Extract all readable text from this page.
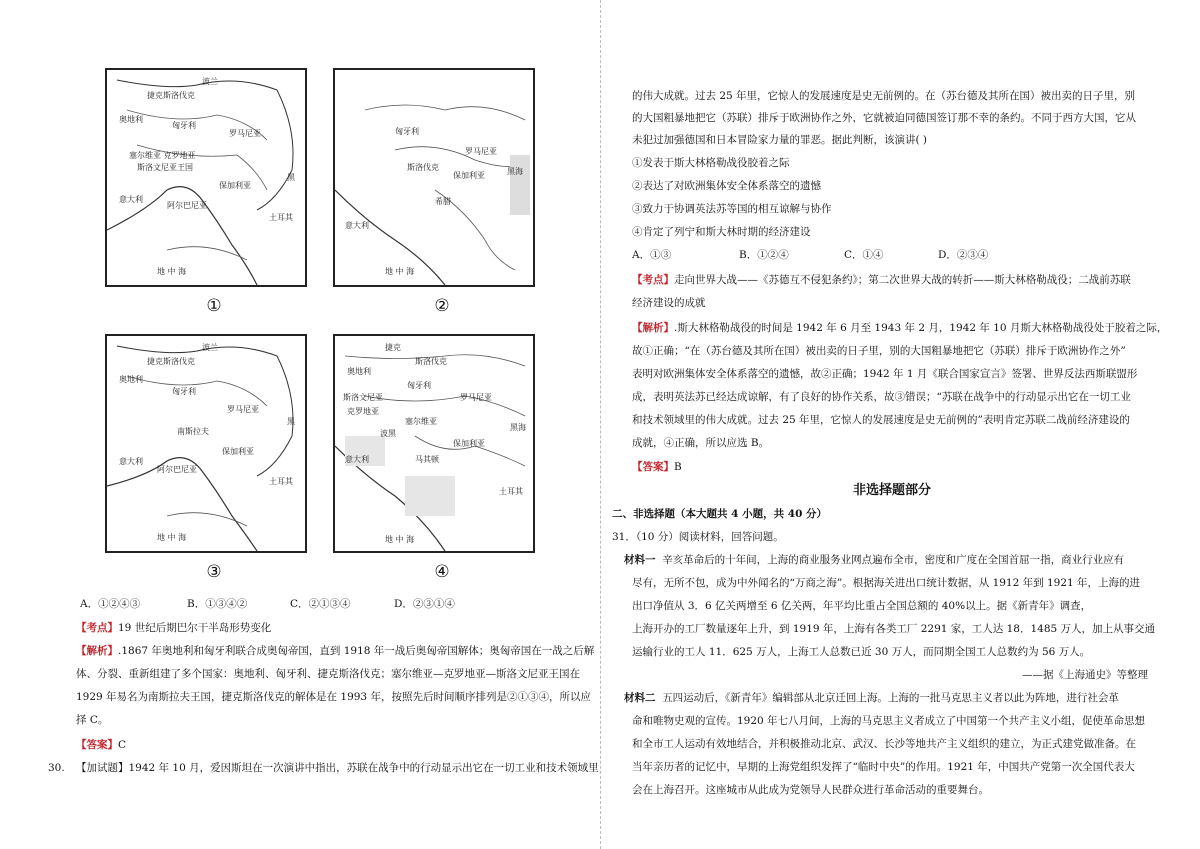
波兰
捷克斯洛伐克
奥地利
匈牙利
罗马尼亚
塞尔维亚 克罗地亚
斯洛文尼亚王国
保加利亚
黑
意大利
阿尔巴尼亚
土耳其
地 中 海
①
匈牙利
罗马尼亚
斯洛伐克
保加利亚
希腊
黑海
意大利
地 中 海
②
波兰
捷克斯洛伐克
奥地利
匈牙利
罗马尼亚
南斯拉夫
保加利亚
黑
意大利
阿尔巴尼亚
土耳其
地 中 海
③
捷克
斯洛伐克
奥地利
匈牙利
斯洛文尼亚
克罗地亚
罗马尼亚
塞尔维亚
波黑
保加利亚
黑海
意大利	马其顿
土耳其
地 中 海
④
A．①②④③	B．①③④②	C．②①③④	D．②③①④
【考点】19 世纪后期巴尔干半岛形势变化
【解析】.1867 年奥地利和匈牙利联合成奥匈帝国，直到 1918 年一战后奥匈帝国解体；奥匈帝国在一战之后解
体、分裂、重新组建了多个国家：奥地利、匈牙利、捷克斯洛伐克；塞尔维亚—克罗地亚—斯洛文尼亚王国在
1929 年易名为南斯拉夫王国，捷克斯洛伐克的解体是在 1993 年，按照先后时间顺序排列是②①③④，所以应
择 C。
【答案】C
30. 【加试题】1942 年 10 月，爱因斯坦在一次演讲中指出，苏联在战争中的行动显示出它在一切工业和技术领域里
的伟大成就。过去 25 年里，它惊人的发展速度是史无前例的。在（苏台德及其所在国）被出卖的日子里，别
的大国粗暴地把它（苏联）排斥于欧洲协作之外，它就被迫同德国签订那不幸的条约。不同于西方大国，它从
未犯过加强德国和日本冒险家力量的罪恶。据此判断，该演讲( )
①发表于斯大林格勒战役胶着之际
②表达了对欧洲集体安全体系落空的遗憾
③致力于协调英法苏等国的相互谅解与协作
④肯定了列宁和斯大林时期的经济建设
A．①③	B．①②④	C．①④	D．②③④
【考点】走向世界大战——《苏德互不侵犯条约》；第二次世界大战的转折——斯大林格勒战役；二战前苏联
经济建设的成就
【解析】.斯大林格勒战役的时间是 1942 年 6 月至 1943 年 2 月，1942 年 10 月斯大林格勒战役处于胶着之际，
故①正确；“在（苏台德及其所在国）被出卖的日子里，别的大国粗暴地把它（苏联）排斥于欧洲协作之外”
表明对欧洲集体安全体系落空的遗憾，故②正确；1942 年 1 月《联合国家宣言》签署、世界反法西斯联盟形
成，表明英法苏已经达成谅解，有了良好的协作关系，故③错误；“苏联在战争中的行动显示出它在一切工业
和技术领域里的伟大成就。过去 25 年里，它惊人的发展速度是史无前例的”表明肯定苏联二战前经济建设的
成就，④正确，所以应选 B。
【答案】B
非选择题部分
二、非选择题（本大题共 4 小题，共 40 分）
31．（10 分）阅读材料，回答问题。
材料一 辛亥革命后的十年间，上海的商业服务业网点遍布全市，密度和广度在全国首屈一指，商业行业应有
尽有，无所不包，成为中外闻名的“万商之海”。根据海关进出口统计数据，从 1912 年到 1921 年，上海的进
出口净值从 3．6 亿关两增至 6 亿关两，年平均比重占全国总额的 40%以上。据《新青年》调查，
上海开办的工厂数量逐年上升，到 1919 年，上海有各类工厂 2291 家，工人达 18．1485 万人，加上从事交通
运输行业的工人 11．625 万人，上海工人总数已近 30 万人，而同期全国工人总数约为 56 万人。
——据《上海通史》等整理
材料二 五四运动后，《新青年》编辑部从北京迁回上海。上海的一批马克思主义者以此为阵地，进行社会革
命和唯物史观的宣传。1920 年七八月间，上海的马克思主义者成立了中国第一个共产主义小组，促使革命思想
和全市工人运动有效地结合，并积极推动北京、武汉、长沙等地共产主义组织的建立，为正式建党做准备。在
当年亲历者的记忆中，早期的上海党组织发挥了“临时中央”的作用。1921 年，中国共产党第一次全国代表大
会在上海召开。这座城市从此成为党领导人民群众进行革命活动的重要舞台。
